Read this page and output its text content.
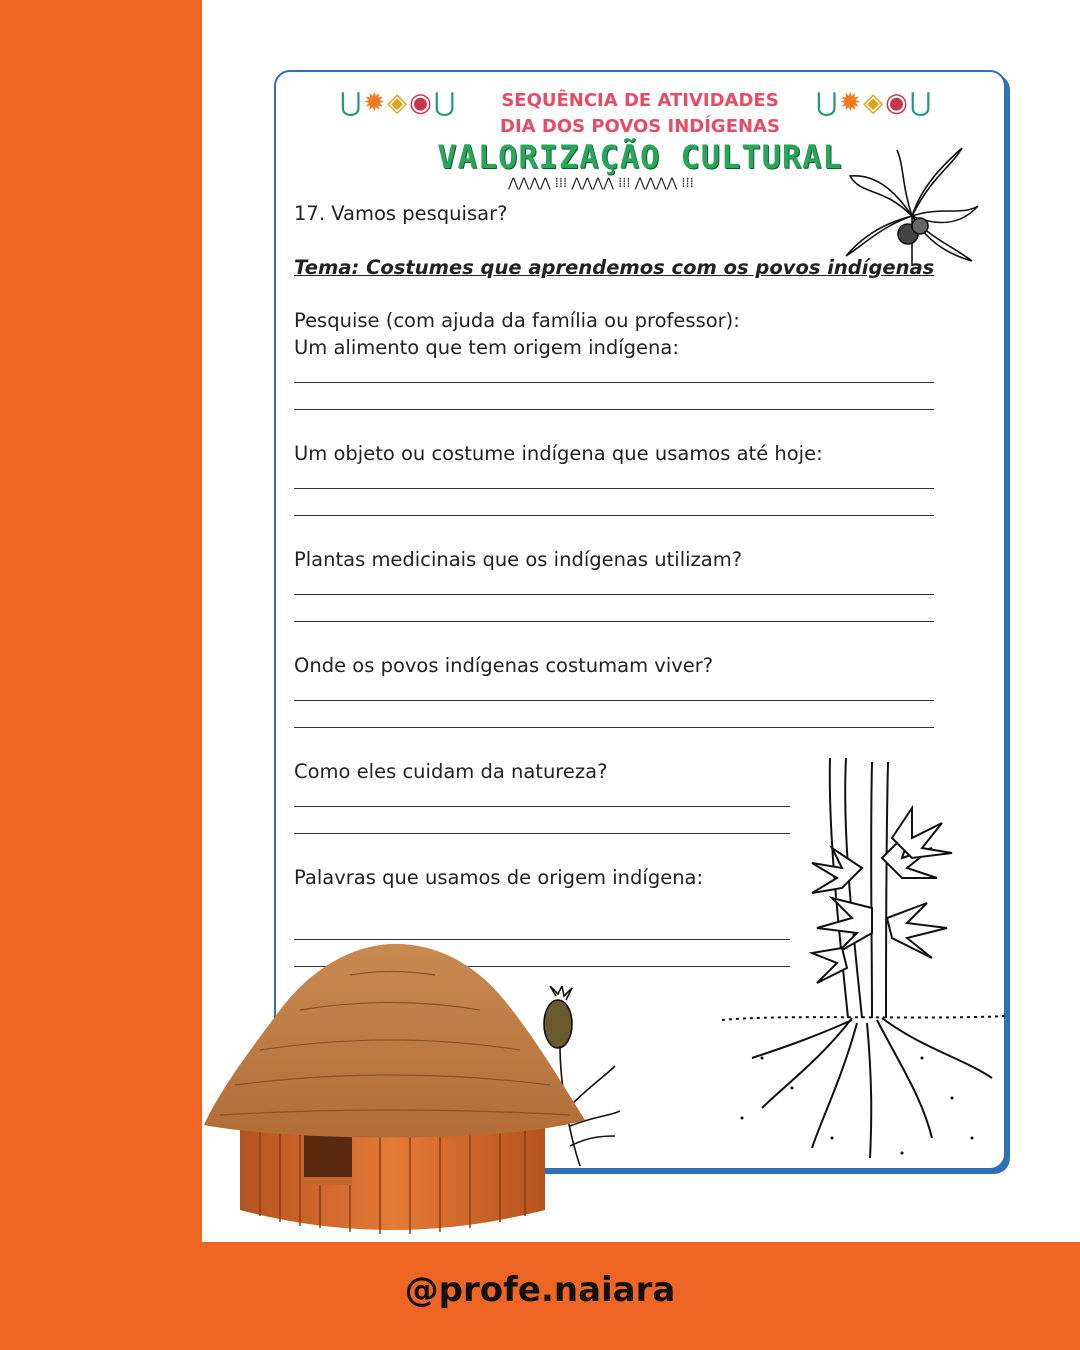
⋃✹◈◉⋃	⋃✹◈◉⋃
SEQUÊNCIA DE ATIVIDADES
DIA DOS POVOS INDÍGENAS
VALORIZAÇÃO CULTURAL
⋀⋀⋀⋀ ⁞⁞⁞ ⋀⋀⋀⋀ ⁞⁞⁞ ⋀⋀⋀⋀ ⁞⁞⁞
17. Vamos pesquisar?
Tema: Costumes que aprendemos com os povos indígenas
Pesquise (com ajuda da família ou professor):
Um alimento que tem origem indígena:
Um objeto ou costume indígena que usamos até hoje:
Plantas medicinais que os indígenas utilizam?
Onde os povos indígenas costumam viver?
Como eles cuidam da natureza?
Palavras que usamos de origem indígena:
@profe.naiara
